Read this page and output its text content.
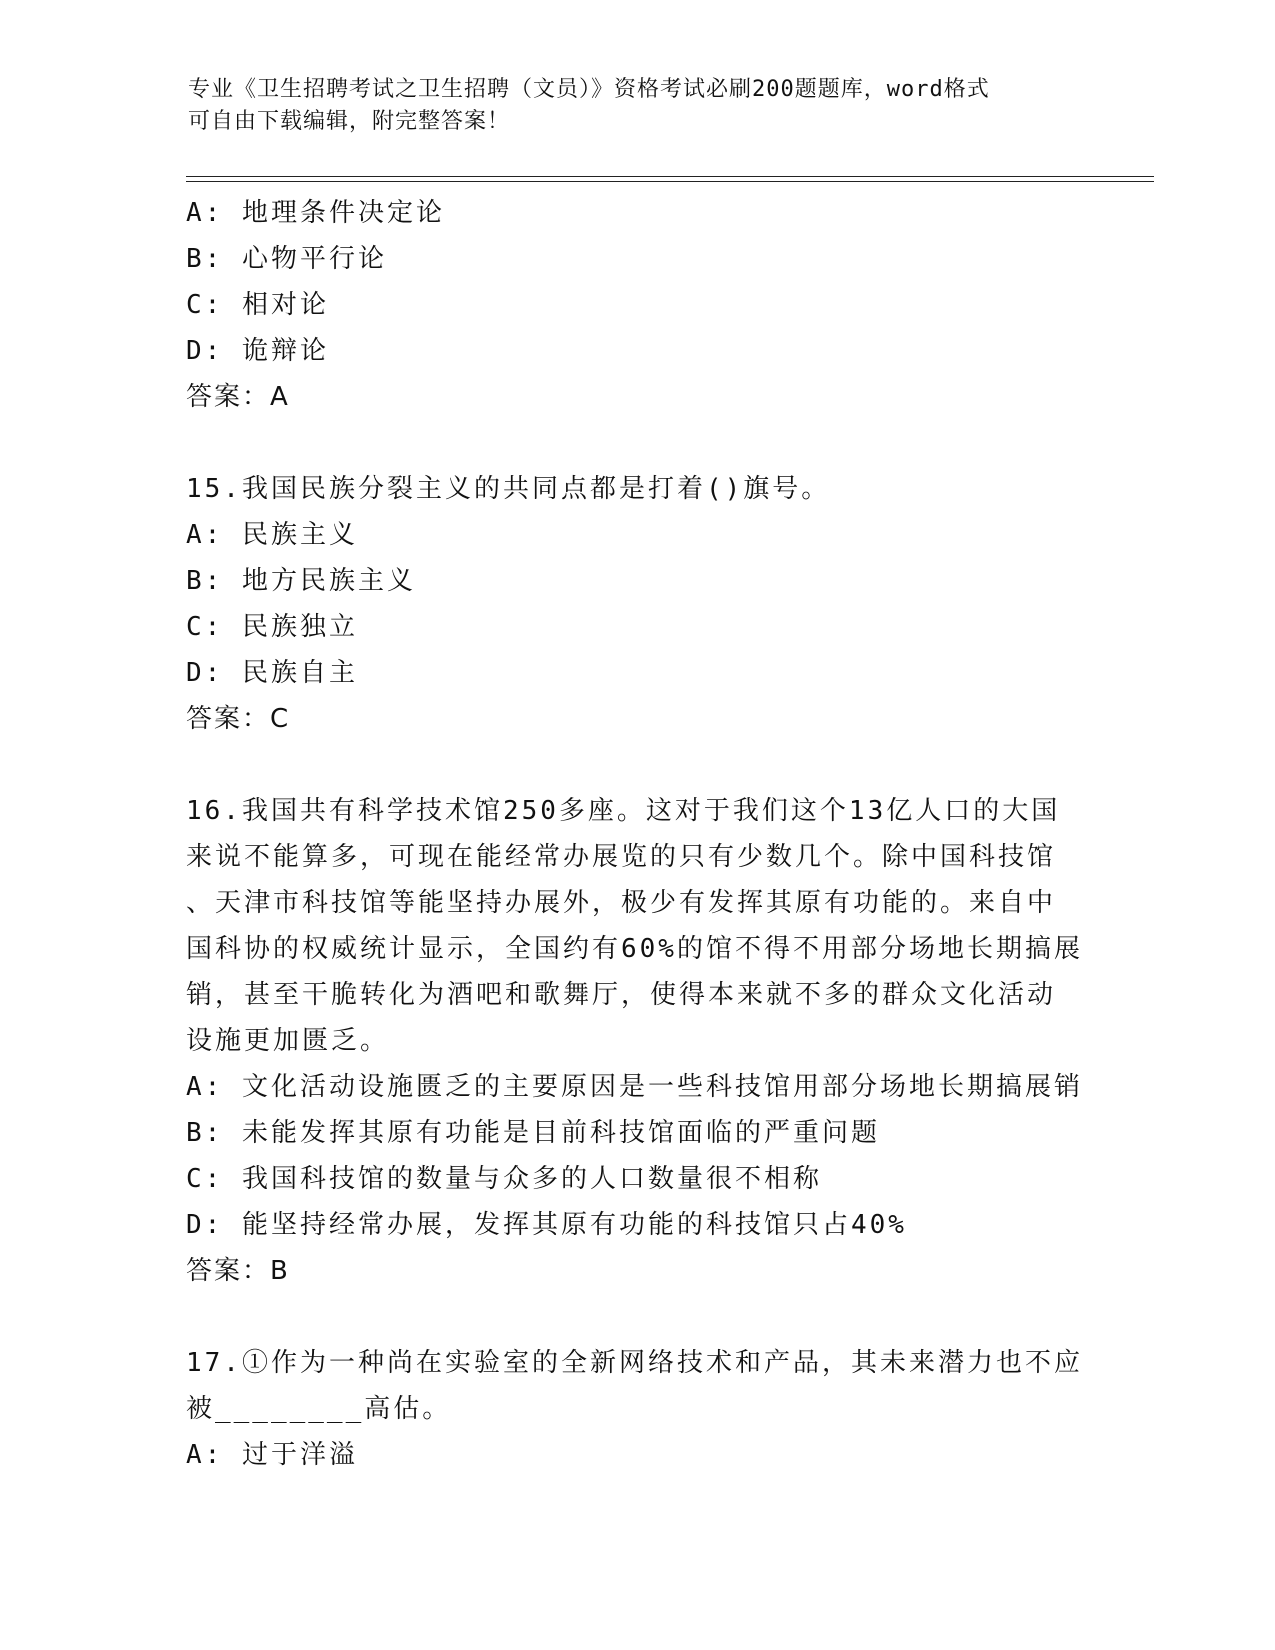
专业《卫生招聘考试之卫生招聘（文员）》资格考试必刷200题题库，word格式
可自由下载编辑，附完整答案！
A: 地理条件决定论
B: 心物平行论
C: 相对论
D: 诡辩论
答案：A
15.我国民族分裂主义的共同点都是打着()旗号。
A: 民族主义
B: 地方民族主义
C: 民族独立
D: 民族自主
答案：C
16.我国共有科学技术馆250多座。这对于我们这个13亿人口的大国
来说不能算多，可现在能经常办展览的只有少数几个。除中国科技馆
、天津市科技馆等能坚持办展外，极少有发挥其原有功能的。来自中
国科协的权威统计显示，全国约有60%的馆不得不用部分场地长期搞展
销，甚至干脆转化为酒吧和歌舞厅，使得本来就不多的群众文化活动
设施更加匮乏。
A: 文化活动设施匮乏的主要原因是一些科技馆用部分场地长期搞展销
B: 未能发挥其原有功能是目前科技馆面临的严重问题
C: 我国科技馆的数量与众多的人口数量很不相称
D: 能坚持经常办展，发挥其原有功能的科技馆只占40%
答案：B
17.①作为一种尚在实验室的全新网络技术和产品，其未来潜力也不应
被________高估。
A: 过于洋溢
